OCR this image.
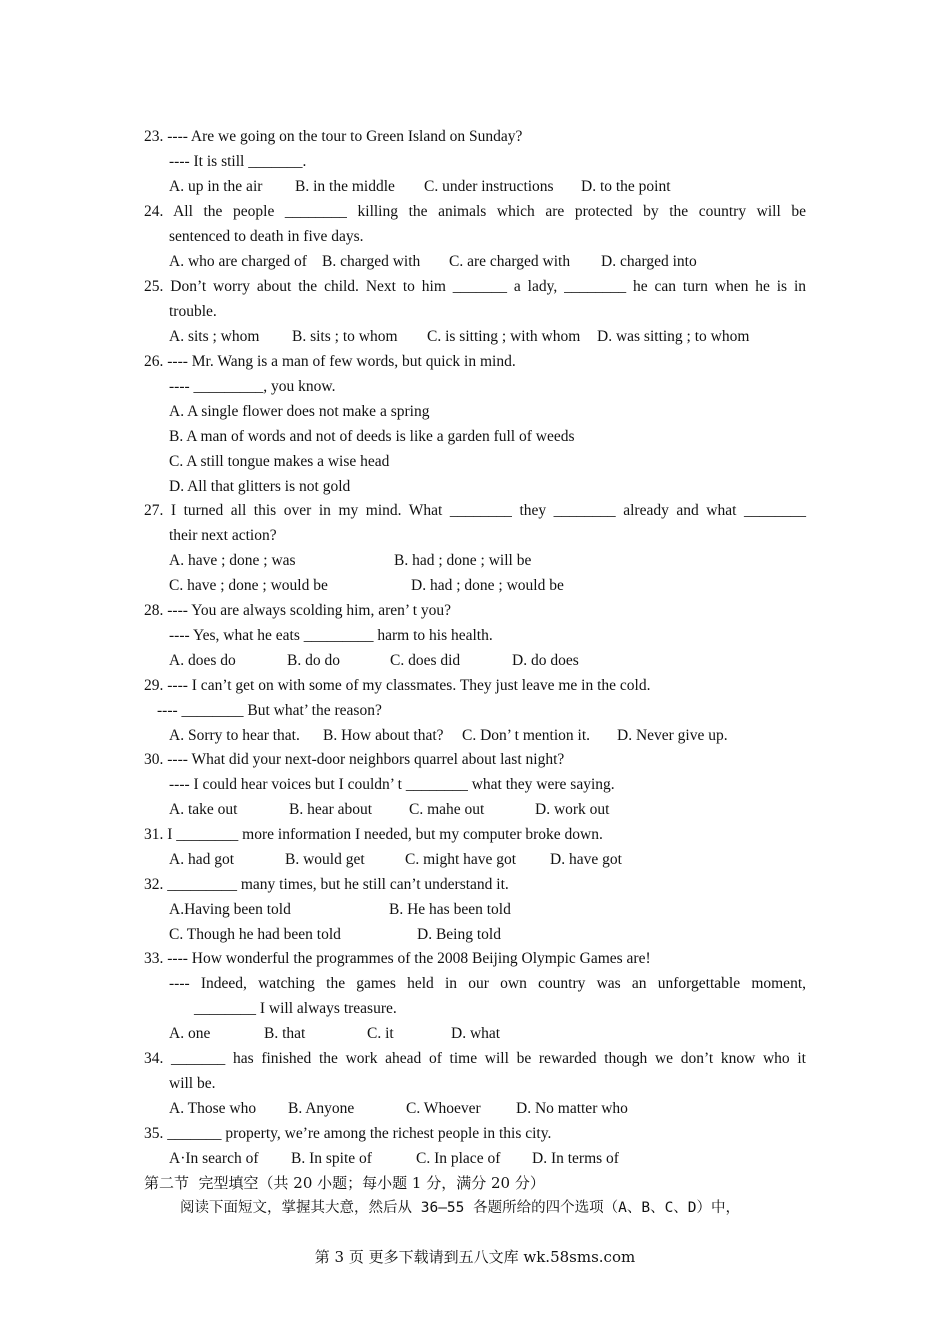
23. ---- Are we going on the tour to Green Island on Sunday?
---- It is still _______.
A. up in the air B. in the middle C. under instructions D. to the point
24. All the people ________ killing the animals which are protected by the country will be
sentenced to death in five days.
A. who are charged of B. charged with C. are charged with D. charged into
25. Don’t worry about the child. Next to him _______ a lady, ________ he can turn when he is in
trouble.
A. sits ; whom B. sits ; to whom C. is sitting ; with whom D. was sitting ; to whom
26. ---- Mr. Wang is a man of few words, but quick in mind.
---- _________, you know.
A. A single flower does not make a spring
B. A man of words and not of deeds is like a garden full of weeds
C. A still tongue makes a wise head
D. All that glitters is not gold
27. I turned all this over in my mind. What ________ they ________ already and what ________
their next action?
A. have ; done ; was	B. had ; done ; will be
C. have ; done ; would be	D. had ; done ; would be
28. ---- You are always scolding him, aren’ t you?
---- Yes, what he eats _________ harm to his health.
A. does do	B. do do	C. does did	D. do does
29. ---- I can’t get on with some of my classmates. They just leave me in the cold.
---- ________ But what’ the reason?
A. Sorry to hear that. B. How about that? C. Don’ t mention it. D. Never give up.
30. ---- What did your next-door neighbors quarrel about last night?
---- I could hear voices but I couldn’ t ________ what they were saying.
A. take out	B. hear about C. mahe out	D. work out
31. I ________ more information I needed, but my computer broke down.
A. had got	B. would get	C. might have got D. have got
32. _________ many times, but he still can’t understand it.
A.Having been told	B. He has been told
C. Though he had been told	D. Being told
33. ---- How wonderful the programmes of the 2008 Beijing Olympic Games are!
---- Indeed, watching the games held in our own country was an unforgettable moment,
________ I will always treasure.
A. one	B. that	C. it	D. what
34. _______ has finished the work ahead of time will be rewarded though we don’t know who it
will be.
A. Those who B. Anyone	C. Whoever D. No matter who
35. _______ property, we’re among the richest people in this city.
A·In search of B. In spite of	C. In place of D. In terms of
第二节  完型填空（共 20 小题；每小题 1 分，满分 20 分）
阅读下面短文，掌握其大意，然后从 36—55 各题所给的四个选项（A、B、C、D）中，
第 3 页 更多下载请到五八文库 wk.58sms.com
